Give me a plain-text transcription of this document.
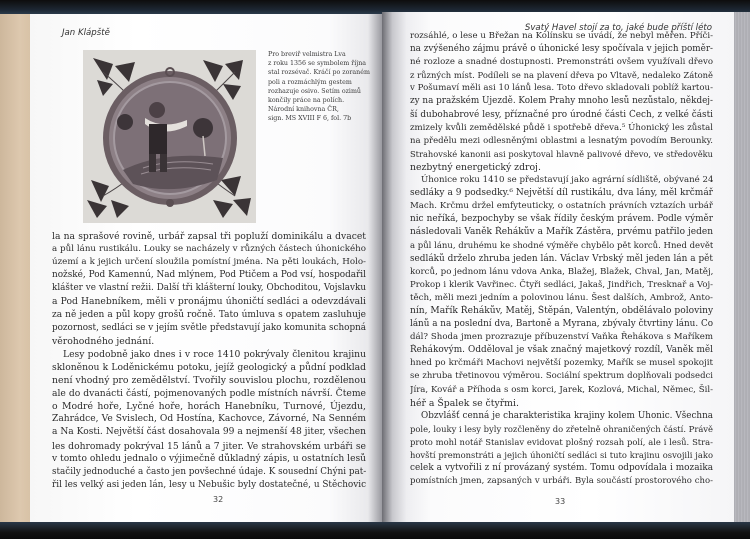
Jan Klápště
Pro breviř velmistra Lva
z roku 1356 se symbolem října
stal rozsévač. Kráčí po zoraném
poli a rozmáchlým gestem
rozhazuje osivo. Setím ozimů
končily práce na polích.
Národní knihovna ČR,
sign. MS XVIII F 6, fol. 7b
la na sprašové rovině, urbář zapsal tři popluží dominikálu a dvacet
a půl lánu rustikálu. Louky se nacházely v různých částech úhonického
území a k jejich určení sloužila pomístní jména. Na pěti loukách, Holo-
nožské, Pod Kamennú, Nad mlýnem, Pod Ptičem a Pod vsí, hospodařil
klášter ve vlastní režii. Další tři klášterní louky, Obchoditou, Vojslavku
a Pod Hanebníkem, měli v pronájmu úhoničtí sedláci a odevzdávali
za ně jeden a půl kopy grošů ročně. Tato úmluva s opatem zasluhuje
pozornost, sedláci se v jejím světle představují jako komunita schopná
věrohodného jednání.
Lesy podobně jako dnes i v roce 1410 pokrývaly členitou krajinu
skloněnou k Loděnickému potoku, jejíž geologický a půdní podklad
není vhodný pro zemědělství. Tvořily souvislou plochu, rozdělenou
ale do dvanácti částí, pojmenovaných podle místních návrší. Čteme
o Modré hoře, Lyčné hoře, horách Hanebníku, Turnové, Újezdu,
Zahrádce, Ve Svislech, Od Hostína, Kachovce, Závorné, Na Senném
a Na Kosti. Největší část dosahovala 99 a nejmenší 48 jiter, všechen
les dohromady pokrýval 15 lánů a 7 jiter. Ve strahovském urbáři se
v tomto ohledu jednalo o výjimečně důkladný zápis, u ostatních lesů
stačily jednoduché a často jen povšechné údaje. K sousední Chýni pat-
řil les velký asi jeden lán, lesy u Nebušic byly dostatečné, u Štěchovic
32
Svatý Havel stojí za to, jaké bude příští léto
rozsáhlé, o lese u Břežan na Kolínsku se uvádí, že nebyl měřen. Příči-
na zvýšeného zájmu právě o úhonické lesy spočívala v jejich poměr-
né rozloze a snadné dostupnosti. Premonstráti ovšem využívali dřevo
z různých míst. Podíleli se na plavení dřeva po Vltavě, nedaleko Zátoně
v Pošumaví měli asi 10 lánů lesa. Toto dřevo skladovali poblíž kartou-
zy na pražském Újezdě. Kolem Prahy mnoho lesů nezůstalo, někdej-
ší dubohabrové lesy, příznačné pro úrodné části Čech, z velké části
zmizely kvůli zemědělské půdě i spotřebě dřeva.⁵ Úhonický les zůstal
na předělu mezi odlesněnými oblastmi a lesnatým povodím Berounky.
Strahovské kanonii asi poskytoval hlavně palivové dřevo, ve středověku
nezbytný energetický zdroj.
Úhonice roku 1410 se představují jako agrární sídliště, obývané 24
sedláky a 9 podsedky.⁶ Největší díl rustikálu, dva lány, měl krčmář
Mach. Krčmu držel emfyteuticky, o ostatních právních vztazích urbář
nic neříká, bezpochyby se však řídily českým právem. Podle výměr
následovali Vaněk Řehákův a Mařík Zástěra, prvému patřilo jeden
a půl lánu, druhému ke shodné výměře chybělo pět korců. Hned devět
sedláků drželo zhruba jeden lán. Václav Vrbský měl jeden lán a pět
korců, po jednom lánu vdova Anka, Blažej, Blažek, Chval, Jan, Matěj,
Prokop i klerik Vavřinec. Čtyři sedláci, Jakaš, Jindřich, Tresknař a Voj-
těch, měli mezi jedním a polovinou lánu. Šest dalších, Ambrož, Anto-
nín, Mařík Řehákův, Matěj, Štěpán, Valentýn, obdělávalo poloviny
lánů a na poslední dva, Bartoně a Myrana, zbývaly čtvrtiny lánu. Co
dál? Shoda jmen prozrazuje příbuzenství Vaňka Řehákova s Maříkem
Řehákovým. Odděloval je však značný majetkový rozdíl, Vaněk měl
hned po krčmáři Machovi největší pozemky, Mařík se musel spokojit
se zhruba třetinovou výměrou. Sociální spektrum doplňovali podsedci
Jíra, Kovář a Příhoda s osm korci, Jarek, Kozlová, Michal, Němec, Šil-
héř a Špalek se čtyřmi.
Obzvlášť cenná je charakteristika krajiny kolem Úhonic. Všechna
pole, louky i lesy byly rozčleněny do zřetelně ohraničených částí. Právě
proto mohl notář Stanislav evidovat plošný rozsah polí, ale i lesů. Stra-
hovští premonstráti a jejich úhoničtí sedláci si tuto krajinu osvojili jako
celek a vytvořili z ní provázaný systém. Tomu odpovídala i mozaika
pomístních jmen, zapsaných v urbáři. Byla součástí prostorového cho-
33
